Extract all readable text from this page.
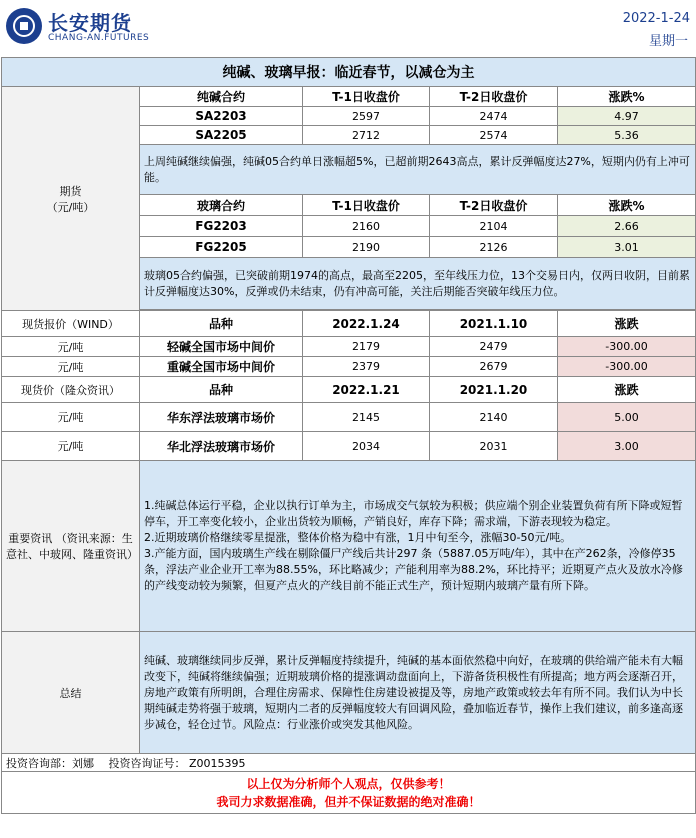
长安期货
CHANG-AN.FUTURES
2022-1-24
星期一
纯碱、玻璃早报：临近春节，以减仓为主				

期货
（元/吨）	纯碱合约	T-1日收盘价	T-2日收盘价	涨跌%
	SA2203	2597	2474	4.97
	SA2205	2712	2574	5.36
	上周纯碱继续偏强，纯碱05合约单日涨幅超5%，已超前期2643高点，累计反弹幅度达27%，短期内仍有上冲可能。			
	玻璃合约	T-1日收盘价	T-2日收盘价	涨跌%
	FG2203	2160	2104	2.66
	FG2205	2190	2126	3.01
	玻璃05合约偏强，已突破前期1974的高点，最高至2205，至年线压力位，13个交易日内，仅两日收阴，目前累计反弹幅度达30%，反弹或仍未结束，仍有冲高可能，关注后期能否突破年线压力位。			

现货报价（WIND）	品种	2022.1.24	2021.1.10	涨跌
元/吨	轻碱全国市场中间价	2179	2479	-300.00
元/吨	重碱全国市场中间价	2379	2679	-300.00
现货价（隆众资讯）	品种	2022.1.21	2021.1.20	涨跌
元/吨	华东浮法玻璃市场价	2145	2140	5.00
元/吨	华北浮法玻璃市场价	2034	2031	3.00
重要资讯 （资讯来源：生意社、中玻网、隆重资讯）	1.纯碱总体运行平稳，企业以执行订单为主，市场成交气氛较为积极；供应端个别企业装置负荷有所下降或短暂停车，开工率变化较小，企业出货较为顺畅，产销良好，库存下降；需求端，下游表现较为稳定。
2.近期玻璃价格继续零星提涨，整体价格为稳中有涨，1月中旬至今，涨幅30-50元/吨。
3.产能方面，国内玻璃生产线在剔除僵尸产线后共计297 条（5887.05万吨/年），其中在产262条，冷修停35条，浮法产业企业开工率为88.55%，环比略减少；产能利用率为88.2%，环比持平；近期夏产点火及放水冷修的产线变动较为频繁，但夏产点火的产线目前不能正式生产，预计短期内玻璃产量有所下降。			

总结	纯碱、玻璃继续同步反弹，累计反弹幅度持续提升，纯碱的基本面依然稳中向好，在玻璃的供给端产能未有大幅改变下，纯碱将继续偏强；近期玻璃价格的提涨调动盘面向上，下游备货积极性有所提高；地方两会逐渐召开，房地产政策有所明朗，合理住房需求、保障性住房建设被提及等，房地产政策或较去年有所不同。我们认为中长期纯碱走势将强于玻璃，短期内二者的反弹幅度较大有回调风险，叠加临近春节，操作上我们建议，前多逢高逐步减仓，轻仓过节。风险点：行业涨价或突发其他风险。			
投资咨询部：刘娜　 投资咨询证号： Z0015395				

以上仅为分析师个人观点，仅供参考！
我司力求数据准确，但并不保证数据的绝对准确！				
